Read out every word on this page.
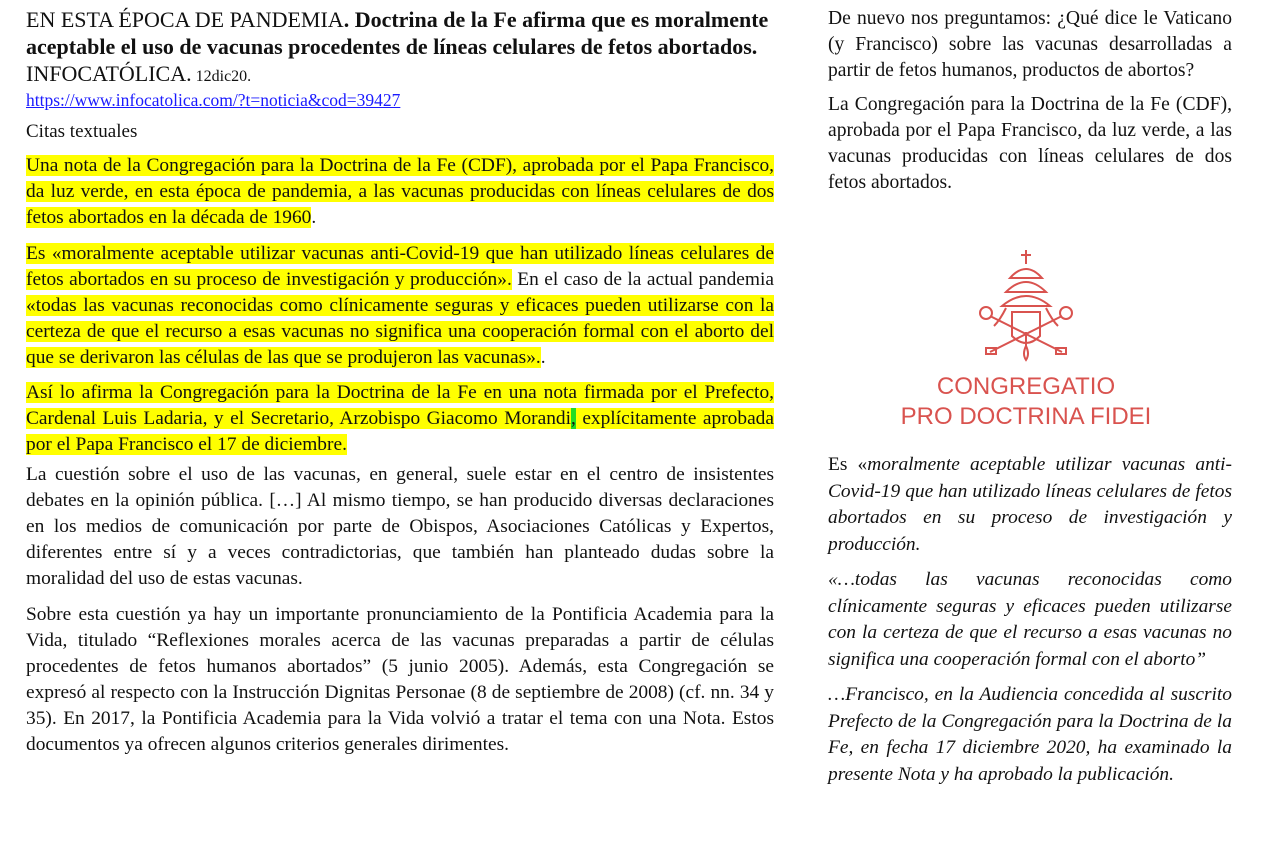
EN ESTA ÉPOCA DE PANDEMIA. Doctrina de la Fe afirma que es moralmente aceptable el uso de vacunas procedentes de líneas celulares de fetos abortados. INFOCATÓLICA. 12dic20.

https://www.infocatolica.com/?t=noticia&cod=39427

Citas textuales

Una nota de la Congregación para la Doctrina de la Fe (CDF), aprobada por el Papa Francisco, da luz verde, en esta época de pandemia, a las vacunas producidas con líneas celulares de dos fetos abortados en la década de 1960.

Es «moralmente aceptable utilizar vacunas anti-Covid-19 que han utilizado líneas celulares de fetos abortados en su proceso de investigación y producción». En el caso de la actual pandemia «todas las vacunas reconocidas como clínicamente seguras y eficaces pueden utilizarse con la certeza de que el recurso a esas vacunas no significa una cooperación formal con el aborto del que se derivaron las células de las que se produjeron las vacunas»..

Así lo afirma la Congregación para la Doctrina de la Fe en una nota firmada por el Prefecto, Cardenal Luis Ladaria, y el Secretario, Arzobispo Giacomo Morandi, explícitamente aprobada por el Papa Francisco el 17 de diciembre.

La cuestión sobre el uso de las vacunas, en general, suele estar en el centro de insistentes debates en la opinión pública. […] Al mismo tiempo, se han producido diversas declaraciones en los medios de comunicación por parte de Obispos, Asociaciones Católicas y Expertos, diferentes entre sí y a veces contradictorias, que también han planteado dudas sobre la moralidad del uso de estas vacunas.

Sobre esta cuestión ya hay un importante pronunciamiento de la Pontificia Academia para la Vida, titulado “Reflexiones morales acerca de las vacunas preparadas a partir de células procedentes de fetos humanos abortados” (5 junio 2005). Además, esta Congregación se expresó al respecto con la Instrucción Dignitas Personae (8 de septiembre de 2008) (cf. nn. 34 y 35). En 2017, la Pontificia Academia para la Vida volvió a tratar el tema con una Nota. Estos documentos ya ofrecen algunos criterios generales dirimentes.

De nuevo nos preguntamos: ¿Qué dice le Vaticano (y Francisco) sobre las vacunas desarrolladas a partir de fetos humanos, productos de abortos?

La Congregación para la Doctrina de la Fe (CDF), aprobada por el Papa Francisco, da luz verde, a las vacunas producidas con líneas celulares de dos fetos abortados.

CONGREGATIO
PRO DOCTRINA FIDEI

Es «moralmente aceptable utilizar vacunas anti-Covid-19 que han utilizado líneas celulares de fetos abortados en su proceso de investigación y producción.

«…todas las vacunas reconocidas como clínicamente seguras y eficaces pueden utilizarse con la certeza de que el recurso a esas vacunas no significa una cooperación formal con el aborto”

…Francisco, en la Audiencia concedida al suscrito Prefecto de la Congregación para la Doctrina de la Fe, en fecha 17 diciembre 2020, ha examinado la presente Nota y ha aprobado la publicación.
